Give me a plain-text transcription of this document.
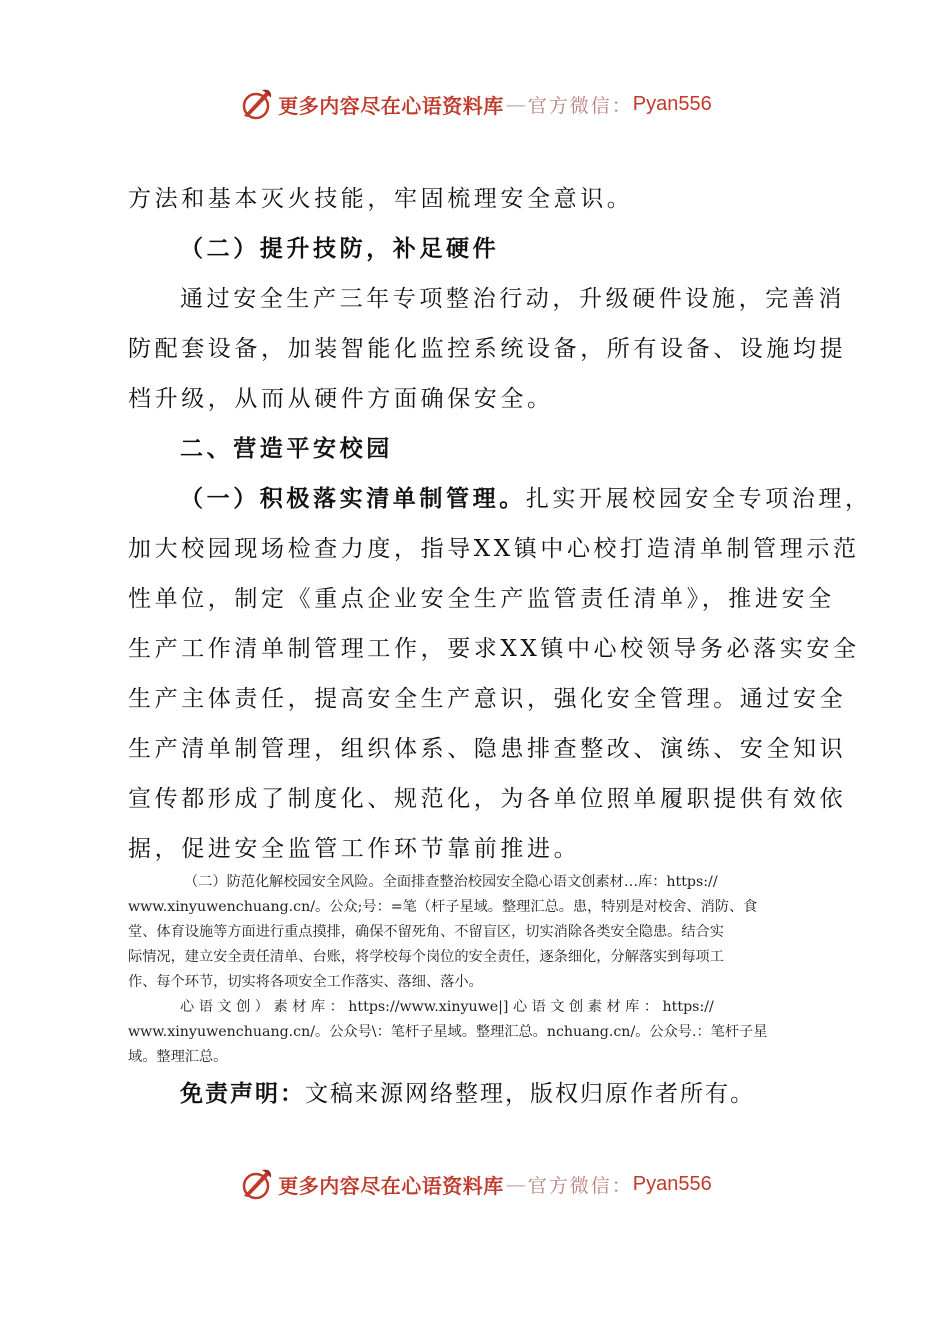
更多内容尽在心语资料库 — 官方微信： Pyan556
方法和基本灭火技能，牢固梳理安全意识。
（二）提升技防，补足硬件
通过安全生产三年专项整治行动，升级硬件设施，完善消
防配套设备，加装智能化监控系统设备，所有设备、设施均提
档升级，从而从硬件方面确保安全。
二、营造平安校园
（一）积极落实清单制管理。扎实开展校园安全专项治理，
加大校园现场检查力度，指导XX镇中心校打造清单制管理示范
性单位，制定《重点企业安全生产监管责任清单》，推进安全
生产工作清单制管理工作，要求XX镇中心校领导务必落实安全
生产主体责任，提高安全生产意识，强化安全管理。通过安全
生产清单制管理，组织体系、隐患排查整改、演练、安全知识
宣传都形成了制度化、规范化，为各单位照单履职提供有效依
据，促进安全监管工作环节靠前推进。
（二）防范化解校园安全风险。全面排查整治校园安全隐心语文创素材…库：https://
www.xinyuwenchuang.cn/。公众;号：=笔（杆子星域。整理汇总。患，特别是对校舍、消防、食
堂、体育设施等方面进行重点摸排，确保不留死角、不留盲区，切实消除各类安全隐患。结合实
际情况，建立安全责任清单、台账，将学校每个岗位的安全责任，逐条细化，分解落实到每项工
作、每个环节，切实将各项安全工作落实、落细、落小。
心 语 文 创 ） 素 材 库 ： https://www.xinyuwe|] 心 语 文 创 素 材 库 ： https://
www.xinyuwenchuang.cn/。公众号\：笔杆子星域。整理汇总。nchuang.cn/。公众号.：笔杆子星
域。整理汇总。
免责声明：文稿来源网络整理，版权归原作者所有。
更多内容尽在心语资料库 — 官方微信： Pyan556
